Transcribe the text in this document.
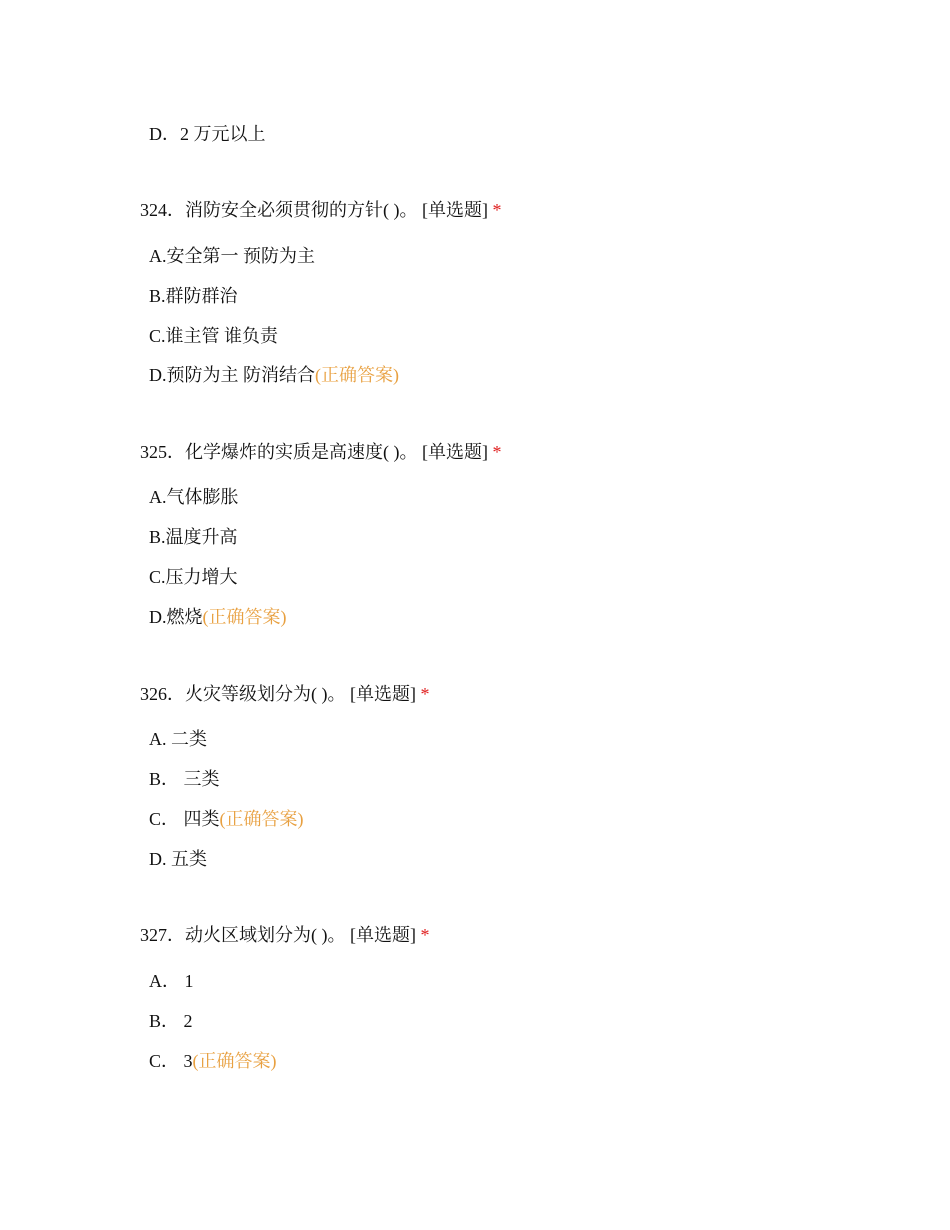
D．2 万元以上
324．消防安全必须贯彻的方针( )。 [单选题] *
A.安全第一 预防为主
B.群防群治
C.谁主管 谁负责
D.预防为主 防消结合(正确答案)
325．化学爆炸的实质是高速度( )。 [单选题] *
A.气体膨胀
B.温度升高
C.压力增大
D.燃烧(正确答案)
326．火灾等级划分为( )。 [单选题] *
A. 二类
B． 三类
C． 四类(正确答案)
D. 五类
327．动火区域划分为( )。 [单选题] *
A． 1
B． 2
C． 3(正确答案)
